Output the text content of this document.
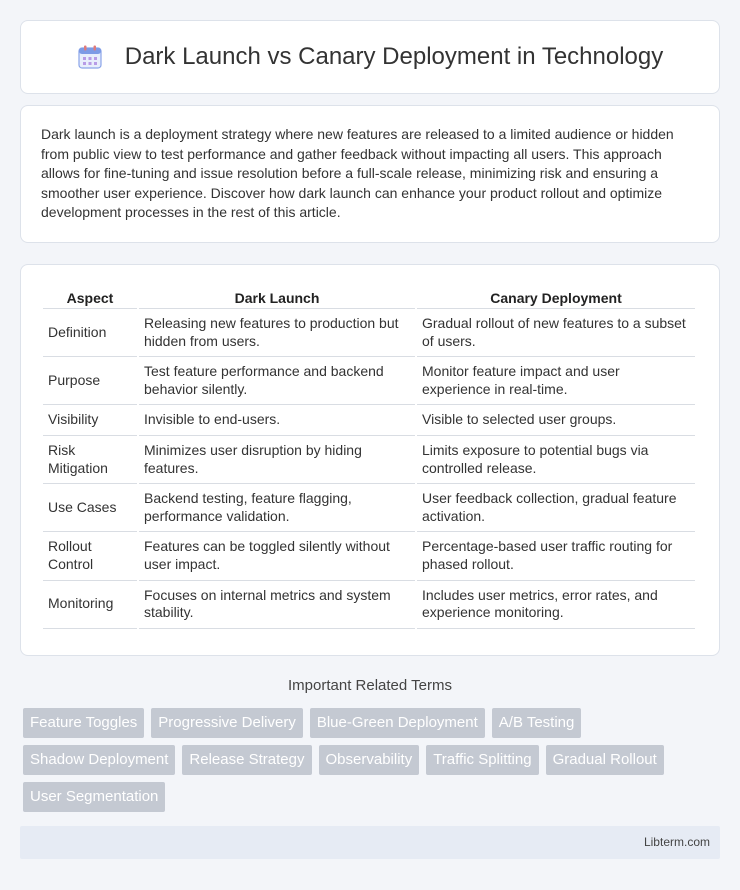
Dark Launch vs Canary Deployment in Technology

Dark launch is a deployment strategy where new features are released to a limited audience or hidden from public view to test performance and gather feedback without impacting all users. This approach allows for fine-tuning and issue resolution before a full-scale release, minimizing risk and ensuring a smoother user experience. Discover how dark launch can enhance your product rollout and optimize development processes in the rest of this article.

Aspect	Dark Launch	Canary Deployment
Definition	Releasing new features to production but hidden from users.	Gradual rollout of new features to a subset of users.
Purpose	Test feature performance and backend behavior silently.	Monitor feature impact and user experience in real-time.
Visibility	Invisible to end-users.	Visible to selected user groups.
Risk Mitigation	Minimizes user disruption by hiding features.	Limits exposure to potential bugs via controlled release.
Use Cases	Backend testing, feature flagging, performance validation.	User feedback collection, gradual feature activation.
Rollout Control	Features can be toggled silently without user impact.	Percentage-based user traffic routing for phased rollout.
Monitoring	Focuses on internal metrics and system stability.	Includes user metrics, error rates, and experience monitoring.
Important Related Terms
Feature Toggles	Progressive Delivery	Blue-Green Deployment	A/B Testing
Shadow Deployment	Release Strategy	Observability	Traffic Splitting	Gradual Rollout
User Segmentation
Libterm.com
